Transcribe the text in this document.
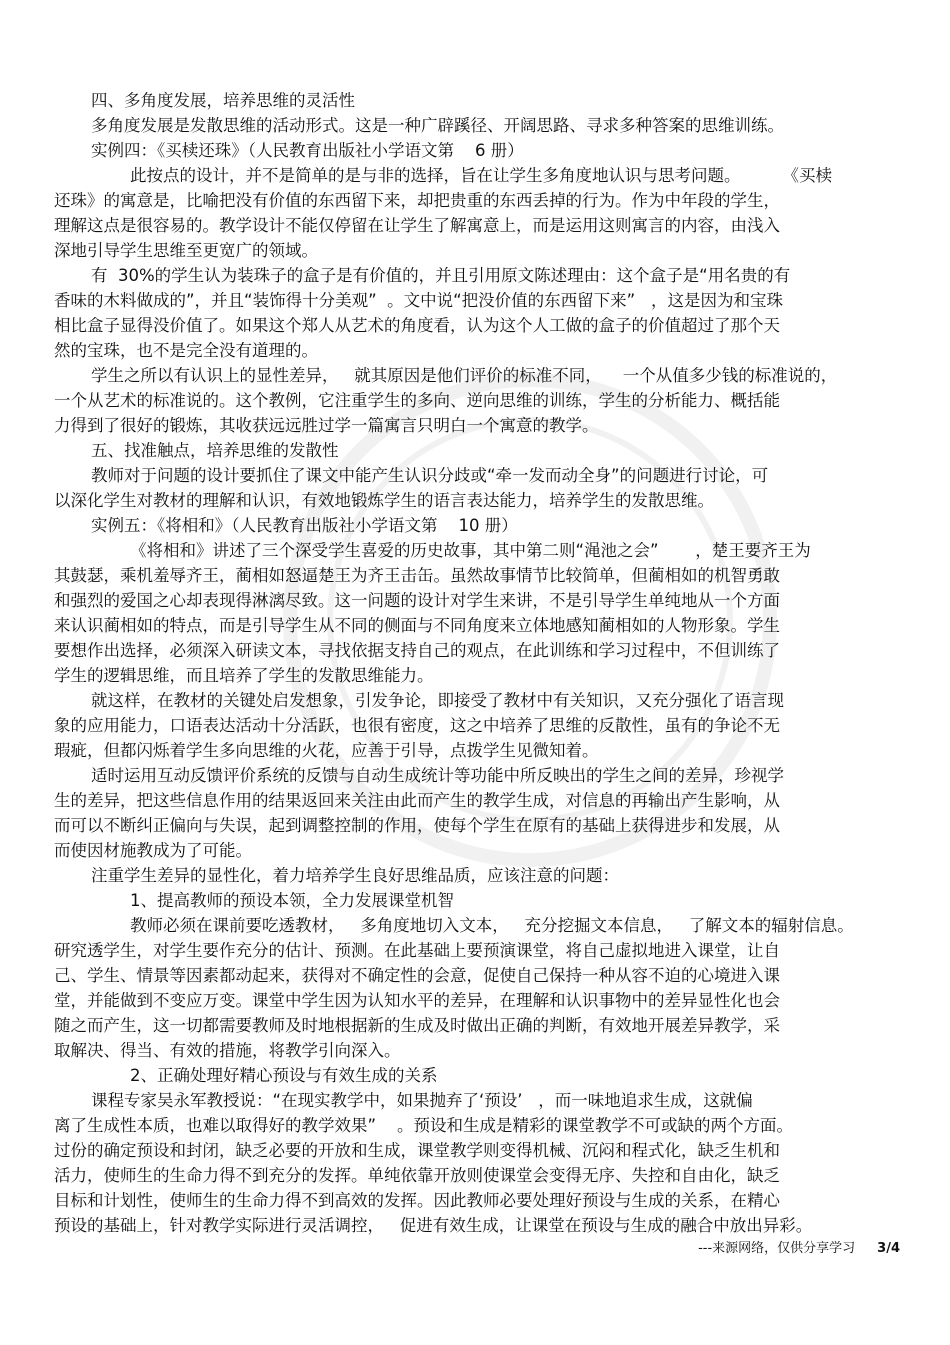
四、多角度发展，培养思维的灵活性
多角度发展是发散思维的活动形式。这是一种广辟蹊径、开阔思路、寻求多种答案的思维训练。
实例四：《买椟还珠》（人民教育出版社小学语文第    6 册）
此按点的设计，并不是简单的是与非的选择，旨在让学生多角度地认识与思考问题。        《买椟
还珠》的寓意是，比喻把没有价值的东西留下来，却把贵重的东西丢掉的行为。作为中年段的学生，
理解这点是很容易的。教学设计不能仅停留在让学生了解寓意上，而是运用这则寓言的内容，由浅入
深地引导学生思维至更宽广的领域。
有  30%的学生认为装珠子的盒子是有价值的，并且引用原文陈述理由：这个盒子是“用名贵的有
香味的木料做成的”，并且“装饰得十分美观”  。文中说“把没价值的东西留下来”   ，这是因为和宝珠
相比盒子显得没价值了。如果这个郑人从艺术的角度看，认为这个人工做的盒子的价值超过了那个天
然的宝珠，也不是完全没有道理的。
学生之所以有认识上的显性差异，   就其原因是他们评价的标准不同，    一个从值多少钱的标准说的，
一个从艺术的标准说的。这个教例，它注重学生的多向、逆向思维的训练，学生的分析能力、概括能
力得到了很好的锻炼，其收获远远胜过学一篇寓言只明白一个寓意的教学。
五、找准触点，培养思维的发散性
教师对于问题的设计要抓住了课文中能产生认识分歧或“牵一发而动全身”的问题进行讨论，可
以深化学生对教材的理解和认识，有效地锻炼学生的语言表达能力，培养学生的发散思维。
实例五：《将相和》（人民教育出版社小学语文第    10 册）
《将相和》讲述了三个深受学生喜爱的历史故事，其中第二则“渑池之会”       ，楚王要齐王为
其鼓瑟，乘机羞辱齐王，蔺相如怒逼楚王为齐王击缶。虽然故事情节比较简单，但蔺相如的机智勇敢
和强烈的爱国之心却表现得淋漓尽致。这一问题的设计对学生来讲，不是引导学生单纯地从一个方面
来认识蔺相如的特点，而是引导学生从不同的侧面与不同角度来立体地感知蔺相如的人物形象。学生
要想作出选择，必须深入研读文本，寻找依据支持自己的观点，在此训练和学习过程中，不但训练了
学生的逻辑思维，而且培养了学生的发散思维能力。
就这样，在教材的关键处启发想象，引发争论，即接受了教材中有关知识，又充分强化了语言现
象的应用能力，口语表达活动十分活跃，也很有密度，这之中培养了思维的反散性，虽有的争论不无
瑕疵，但都闪烁着学生多向思维的火花，应善于引导，点拨学生见微知着。
适时运用互动反馈评价系统的反馈与自动生成统计等功能中所反映出的学生之间的差异，珍视学
生的差异，把这些信息作用的结果返回来关注由此而产生的教学生成，对信息的再输出产生影响，从
而可以不断纠正偏向与失误，起到调整控制的作用，使每个学生在原有的基础上获得进步和发展，从
而使因材施教成为了可能。
注重学生差异的显性化，着力培养学生良好思维品质，应该注意的问题：
1、提高教师的预设本领，全力发展课堂机智
教师必须在课前要吃透教材，   多角度地切入文本，   充分挖掘文本信息，   了解文本的辐射信息。
研究透学生，对学生要作充分的估计、预测。在此基础上要预演课堂，将自己虚拟地进入课堂，让自
己、学生、情景等因素都动起来，获得对不确定性的会意，促使自己保持一种从容不迫的心境进入课
堂，并能做到不变应万变。课堂中学生因为认知水平的差异，在理解和认识事物中的差异显性化也会
随之而产生，这一切都需要教师及时地根据新的生成及时做出正确的判断，有效地开展差异教学，采
取解决、得当、有效的措施，将教学引向深入。
2、正确处理好精心预设与有效生成的关系
课程专家吴永军教授说：“在现实教学中，如果抛弃了‘预设’   ，而一味地追求生成，这就偏
离了生成性本质，也难以取得好的教学效果”    。预设和生成是精彩的课堂教学不可或缺的两个方面。
过份的确定预设和封闭，缺乏必要的开放和生成，课堂教学则变得机械、沉闷和程式化，缺乏生机和
活力，使师生的生命力得不到充分的发挥。单纯依靠开放则使课堂会变得无序、失控和自由化，缺乏
目标和计划性，使师生的生命力得不到高效的发挥。因此教师必要处理好预设与生成的关系，在精心
预设的基础上，针对教学实际进行灵活调控，   促进有效生成，让课堂在预设与生成的融合中放出异彩。

---来源网络，仅供分享学习 3/4
